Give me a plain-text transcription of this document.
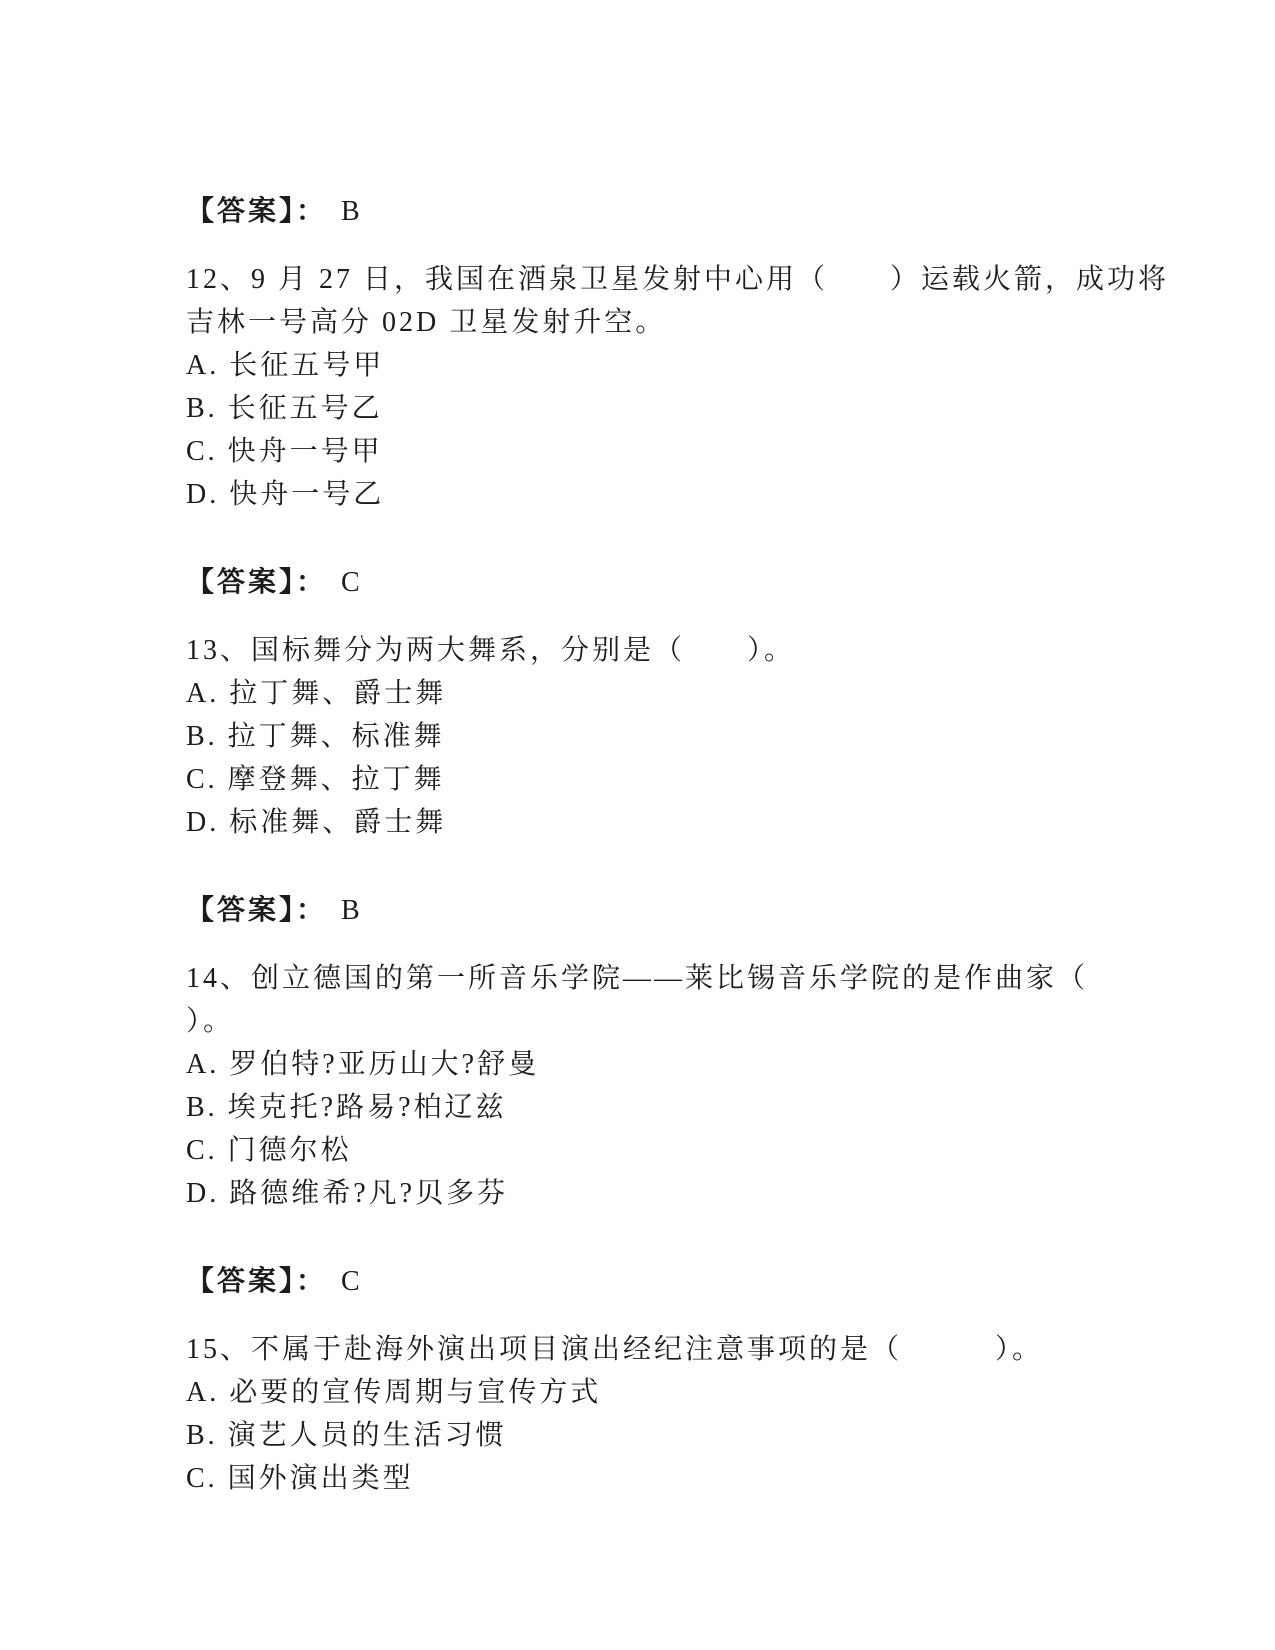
【答案】： B
12、9 月 27 日，我国在酒泉卫星发射中心用（　　）运载火箭，成功将
吉林一号高分 02D 卫星发射升空。
A. 长征五号甲
B. 长征五号乙
C. 快舟一号甲
D. 快舟一号乙
【答案】： C
13、国标舞分为两大舞系，分别是（　　）。
A. 拉丁舞、爵士舞
B. 拉丁舞、标准舞
C. 摩登舞、拉丁舞
D. 标准舞、爵士舞
【答案】： B
14、创立德国的第一所音乐学院——莱比锡音乐学院的是作曲家（
）。
A. 罗伯特?亚历山大?舒曼
B. 埃克托?路易?柏辽兹
C. 门德尔松
D. 路德维希?凡?贝多芬
【答案】： C
15、不属于赴海外演出项目演出经纪注意事项的是（　　　）。
A. 必要的宣传周期与宣传方式
B. 演艺人员的生活习惯
C. 国外演出类型
